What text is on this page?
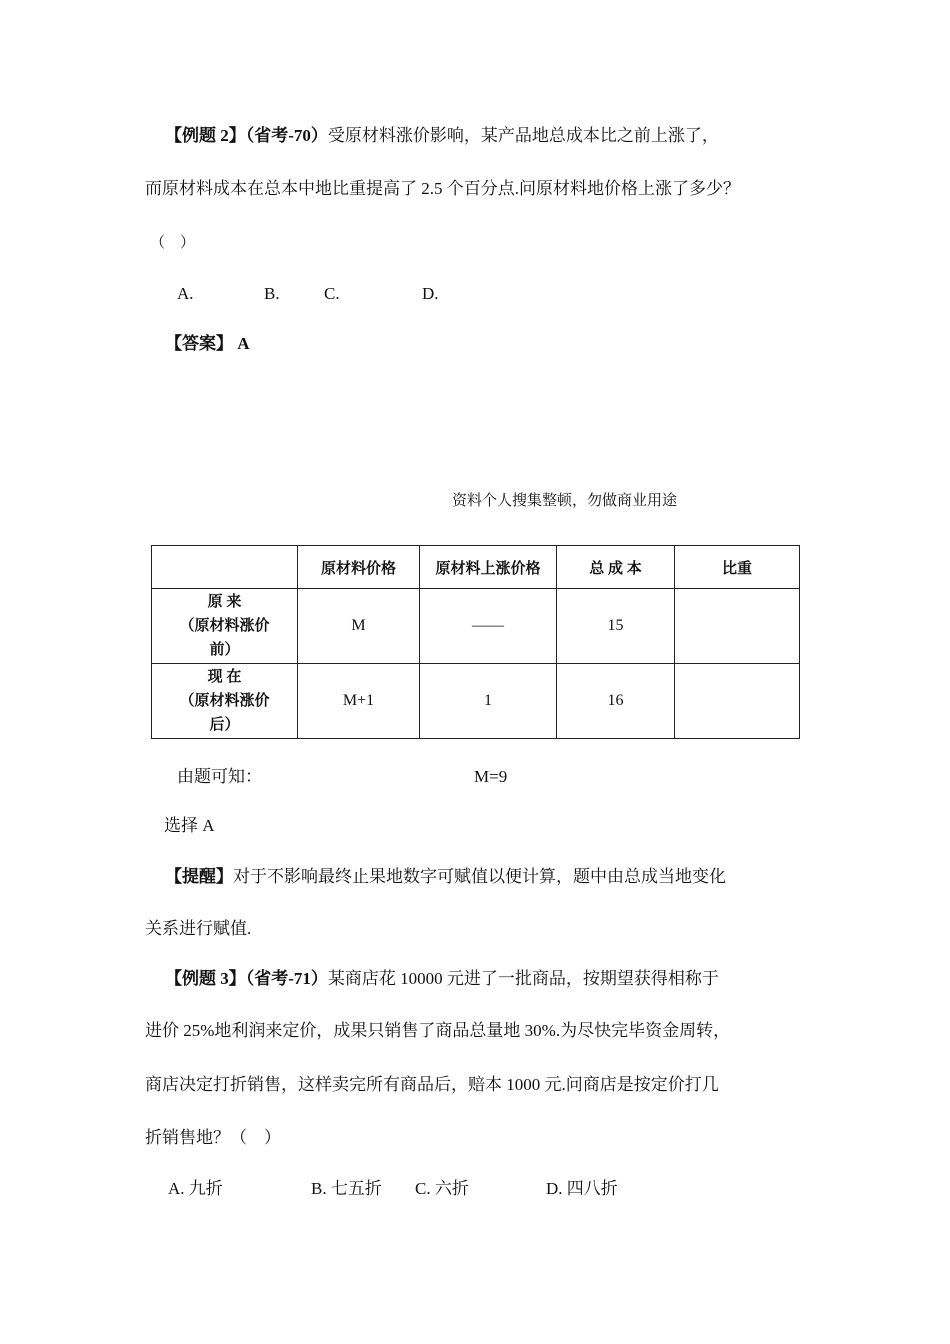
【例题 2】（省考-70）受原材料涨价影响，某产品地总成本比之前上涨了，
而原材料成本在总本中地比重提高了 2.5 个百分点.问原材料地价格上涨了多少？
（　）
A.	B.	C.	D.
【答案】 A
资料个人搜集整顿，勿做商业用途
	原材料价格	原材料上涨价格	总 成 本	比重

原 来
（原材料涨价
前）	M	——	15	

现 在
（原材料涨价
后）	M+1	1	16	
由题可知：	M=9
选择 A
【提醒】对于不影响最终止果地数字可赋值以便计算，题中由总成当地变化
关系进行赋值.
【例题 3】（省考-71）某商店花 10000 元进了一批商品，按期望获得相称于
进价 25%地利润来定价，成果只销售了商品总量地 30%.为尽快完毕资金周转，
商店决定打折销售，这样卖完所有商品后，赔本 1000 元.问商店是按定价打几
折销售地？（　）
A. 九折	B. 七五折 C. 六折	D. 四八折
